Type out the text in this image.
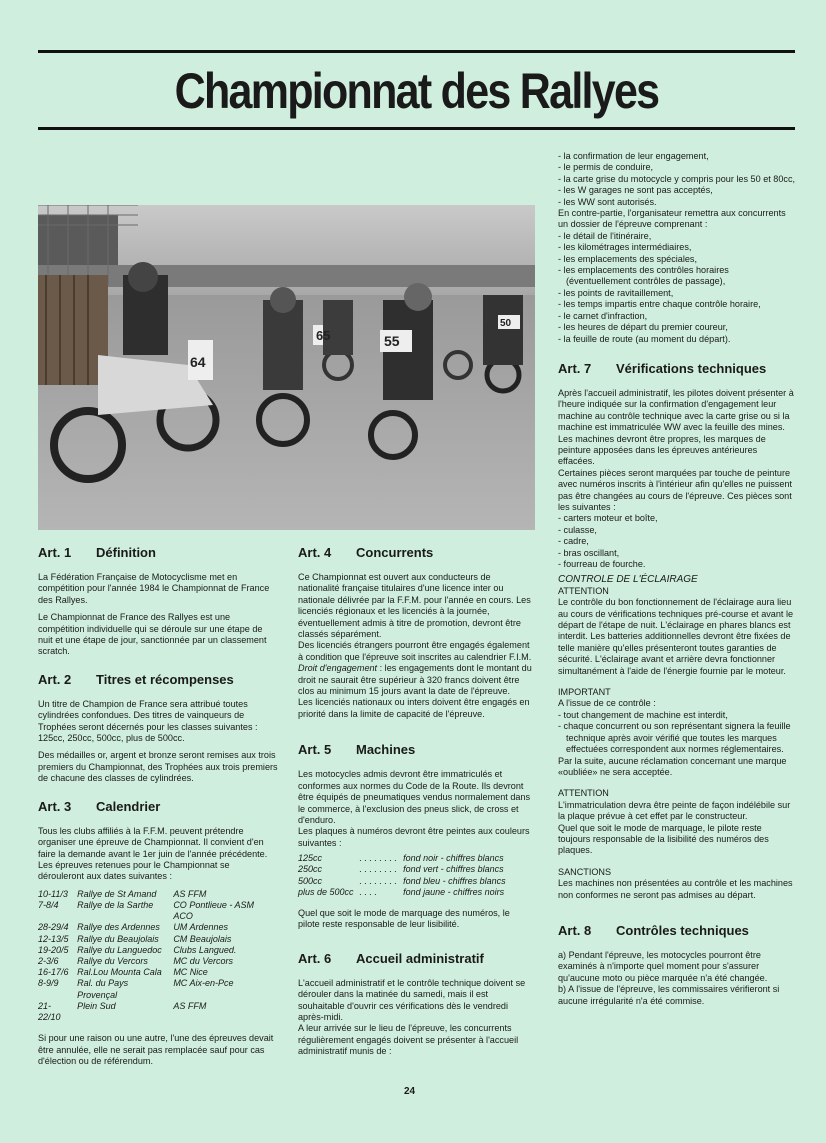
Championnat des Rallyes
64
65	55
50
Art. 1 Définition

La Fédération Française de Motocyclisme met en compétition pour l'année 1984 le Championnat de France des Rallyes.

Le Championnat de France des Rallyes est une compétition individuelle qui se déroule sur une étape de nuit et une étape de jour, sanctionnée par un classement scratch.

Art. 2 Titres et récompenses

Un titre de Champion de France sera attribué toutes cylindrées confondues. Des titres de vainqueurs de Trophées seront décernés pour les classes suivantes : 125cc, 250cc, 500cc, plus de 500cc.

Des médailles or, argent et bronze seront remises aux trois premiers du Championnat, des Trophées aux trois premiers de chacune des classes de cylindrées.

Art. 3 Calendrier

Tous les clubs affiliés à la F.F.M. peuvent prétendre organiser une épreuve de Championnat. Il convient d'en faire la demande avant le 1er juin de l'année précédente. Les épreuves retenues pour le Championnat se dérouleront aux dates suivantes :

10-11/3	Rallye de St Amand	AS FFM
7-8/4	Rallye de la Sarthe	CO Pontlieue - ASM ACO
28-29/4	Rallye des Ardennes	UM Ardennes
12-13/5	Rallye du Beaujolais	CM Beaujolais
19-20/5	Rallye du Languedoc	Clubs Langued.
2-3/6	Rallye du Vercors	MC du Vercors
16-17/6	Ral.Lou Mounta Cala	MC Nice
8-9/9	Ral. du Pays Provençal	MC Aix-en-Pce
21-22/10	Plein Sud	AS FFM

Si pour une raison ou une autre, l'une des épreuves devait être annulée, elle ne serait pas remplacée sauf pour cas d'élection ou de référendum.

Art. 4 Concurrents

Ce Championnat est ouvert aux conducteurs de nationalité française titulaires d'une licence inter ou nationale délivrée par la F.F.M. pour l'année en cours. Les licenciés régionaux et les licenciés à la journée, éventuellement admis à titre de promotion, devront être classés séparément.

Des licenciés étrangers pourront être engagés également à condition que l'épreuve soit inscrites au calendrier F.I.M.

Droit d'engagement : les engagements dont le montant du droit ne saurait être supérieur à 320 francs doivent être clos au minimum 15 jours avant la date de l'épreuve.

Les licenciés nationaux ou inters doivent être engagés en priorité dans la limite de capacité de l'épreuve.

Art. 5 Machines

Les motocycles admis devront être immatriculés et conformes aux normes du Code de la Route. Ils devront être équipés de pneumatiques vendus normalement dans le commerce, à l'exclusion des pneus slick, de cross et d'enduro.

Les plaques à numéros devront être peintes aux couleurs suivantes :

125cc	. . . . . . . .	fond noir - chiffres blancs
250cc	. . . . . . . .	fond vert - chiffres blancs
500cc	. . . . . . . .	fond bleu - chiffres blancs
plus de 500cc	. . . .	fond jaune - chiffres noirs

Quel que soit le mode de marquage des numéros, le pilote reste responsable de leur lisibilité.

Art. 6 Accueil administratif

L'accueil administratif et le contrôle technique doivent se dérouler dans la matinée du samedi, mais il est souhaitable d'ouvrir ces vérifications dès le vendredi après-midi.

A leur arrivée sur le lieu de l'épreuve, les concurrents régulièrement engagés doivent se présenter à l'accueil administratif munis de :

- la confirmation de leur engagement,

- le permis de conduire,

- la carte grise du motocycle y compris pour les 50 et 80cc,

- les W garages ne sont pas acceptés,

- les WW sont autorisés.

En contre-partie, l'organisateur remettra aux concurrents un dossier de l'épreuve comprenant :

- le détail de l'itinéraire,

- les kilométrages intermédiaires,

- les emplacements des spéciales,

- les emplacements des contrôles horaires (éventuellement contrôles de passage),

- les points de ravitaillement,

- les temps impartis entre chaque contrôle horaire,

- le carnet d'infraction,

- les heures de départ du premier coureur,

- la feuille de route (au moment du départ).

Art. 7 Vérifications techniques

Après l'accueil administratif, les pilotes doivent présenter à l'heure indiquée sur la confirmation d'engagement leur machine au contrôle technique avec la carte grise ou si la machine est immatriculée WW avec la feuille des mines.

Les machines devront être propres, les marques de peinture apposées dans les épreuves antérieures effacées.

Certaines pièces seront marquées par touche de peinture avec numéros inscrits à l'intérieur afin qu'elles ne puissent pas être changées au cours de l'épreuve. Ces pièces sont les suivantes :

- carters moteur et boîte,

- culasse,

- cadre,

- bras oscillant,

- fourreau de fourche.

CONTROLE DE L'ÉCLAIRAGE

ATTENTION

Le contrôle du bon fonctionnement de l'éclairage aura lieu au cours de vérifications techniques pré-course et avant le départ de l'étape de nuit. L'éclairage en phares blancs est interdit. Les batteries additionnelles devront être fixées de telle manière qu'elles présenteront toutes garanties de sécurité. L'éclairage avant et arrière devra fonctionner simultanément à l'aide de l'énergie fournie par le moteur.

IMPORTANT

A l'issue de ce contrôle :

- tout changement de machine est interdit,

- chaque concurrent ou son représentant signera la feuille technique après avoir vérifié que toutes les marques effectuées correspondent aux normes réglementaires.

Par la suite, aucune réclamation concernant une marque «oubliée» ne sera acceptée.

ATTENTION

L'immatriculation devra être peinte de façon indélébile sur la plaque prévue à cet effet par le constructeur.

Quel que soit le mode de marquage, le pilote reste toujours responsable de la lisibilité des numéros des plaques.

SANCTIONS

Les machines non présentées au contrôle et les machines non conformes ne seront pas admises au départ.

Art. 8 Contrôles techniques

a) Pendant l'épreuve, les motocycles pourront être examinés à n'importe quel moment pour s'assurer qu'aucune moto ou pièce marquée n'a été changée.

b) A l'issue de l'épreuve, les commissaires vérifieront si aucune irrégularité n'a été commise.

24
